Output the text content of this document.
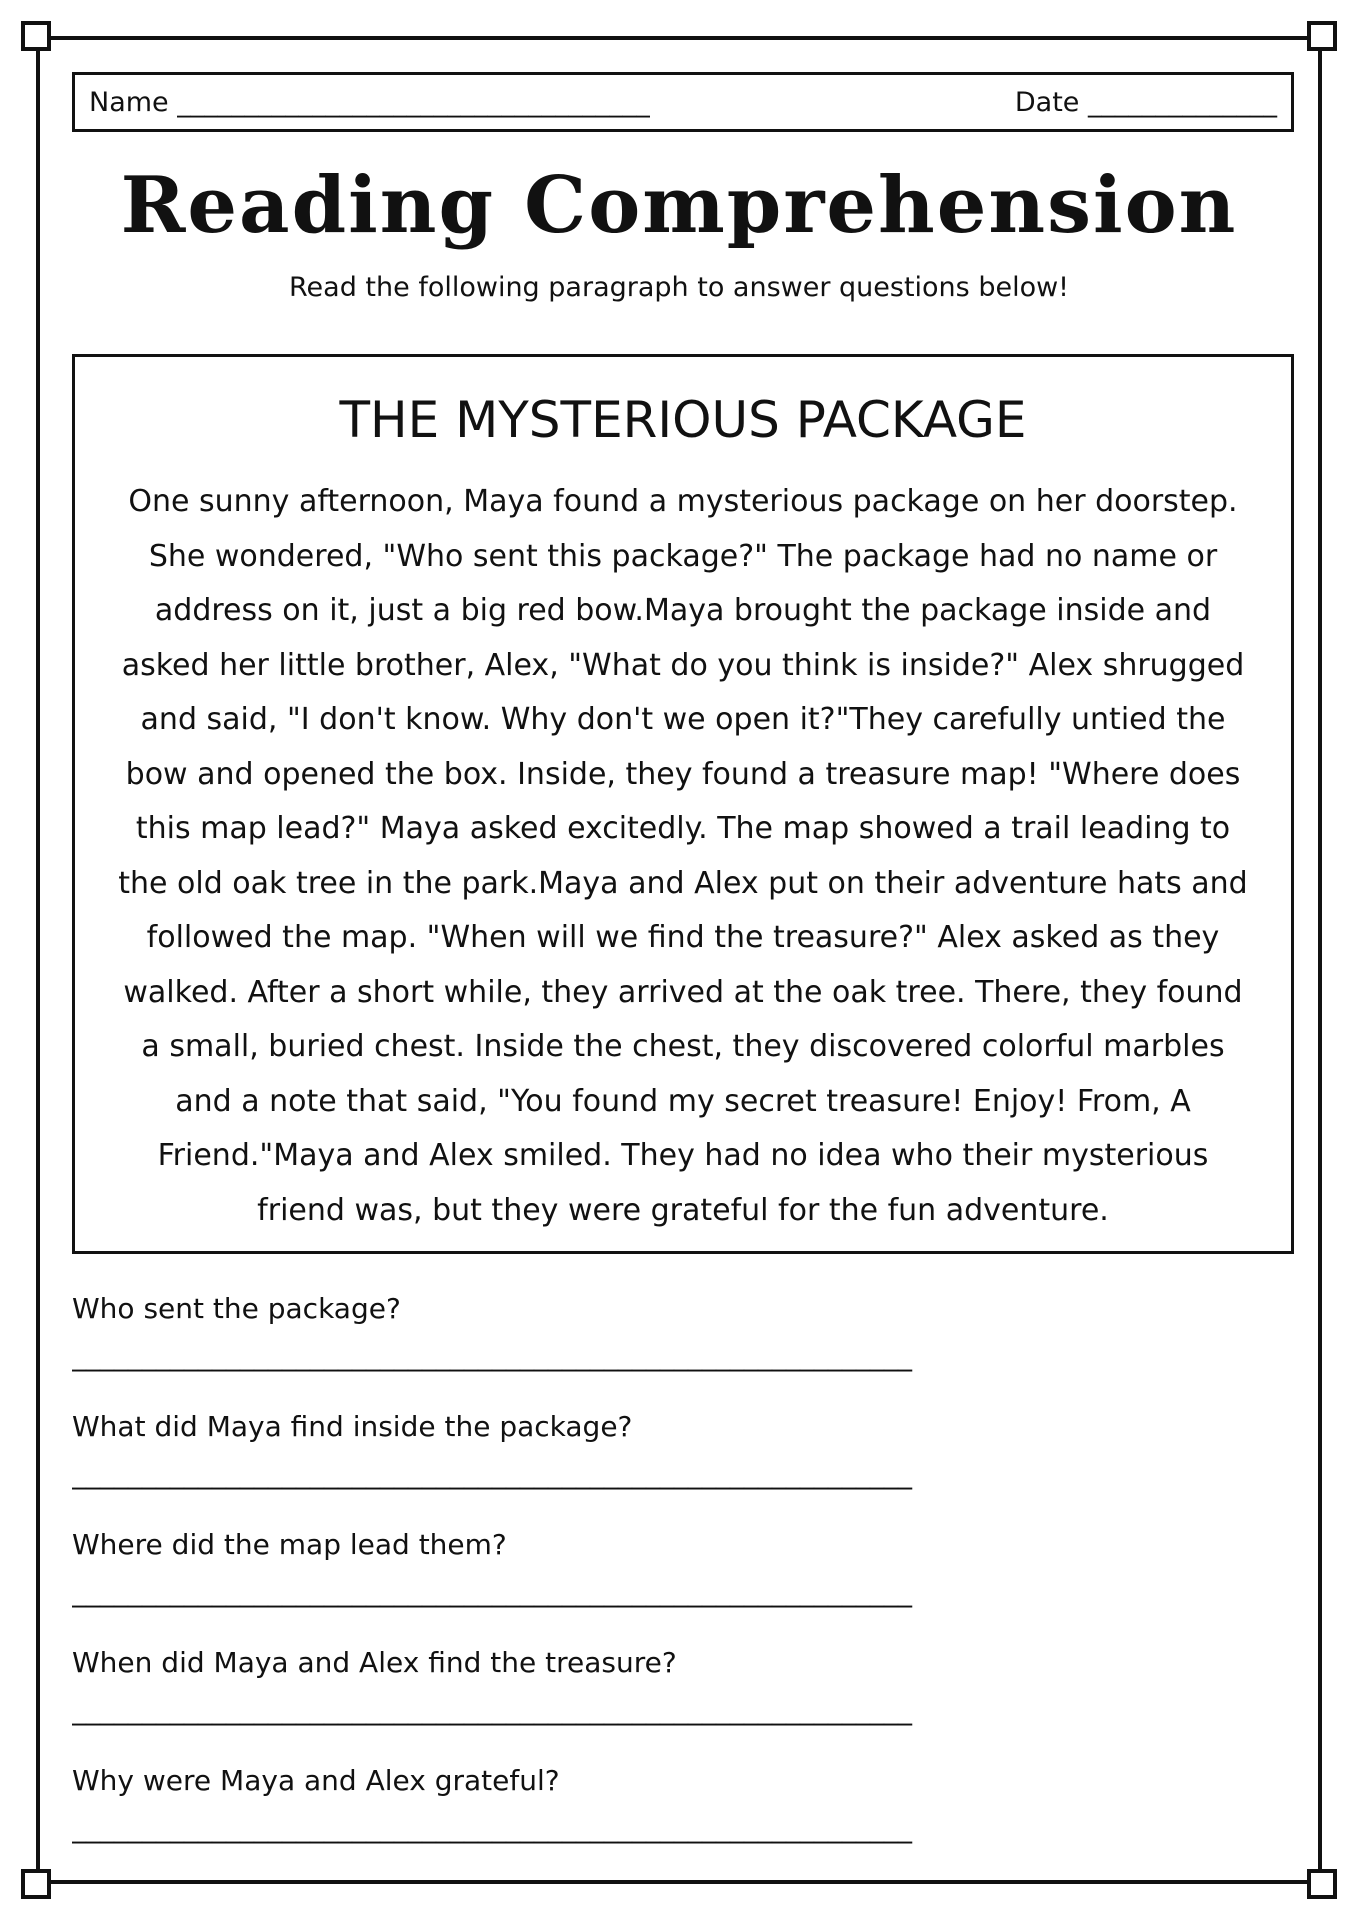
Name ___________________________________	Date ______________
Reading Comprehension

Read the following paragraph to answer questions below!

THE MYSTERIOUS PACKAGE

One sunny afternoon, Maya found a mysterious package on her doorstep. She wondered, "Who sent this package?" The package had no name or address on it, just a big red bow.Maya brought the package inside and asked her little brother, Alex, "What do you think is inside?" Alex shrugged and said, "I don't know. Why don't we open it?"They carefully untied the bow and opened the box. Inside, they found a treasure map! "Where does this map lead?" Maya asked excitedly. The map showed a trail leading to the old oak tree in the park.Maya and Alex put on their adventure hats and followed the map. "When will we find the treasure?" Alex asked as they walked. After a short while, they arrived at the oak tree. There, they found a small, buried chest. Inside the chest, they discovered colorful marbles and a note that said, "You found my secret treasure! Enjoy! From, A Friend."Maya and Alex smiled. They had no idea who their mysterious friend was, but they were grateful for the fun adventure.

Who sent the package?

____________________________________________________________

What did Maya find inside the package?

____________________________________________________________

Where did the map lead them?

____________________________________________________________

When did Maya and Alex find the treasure?

____________________________________________________________

Why were Maya and Alex grateful?

____________________________________________________________
